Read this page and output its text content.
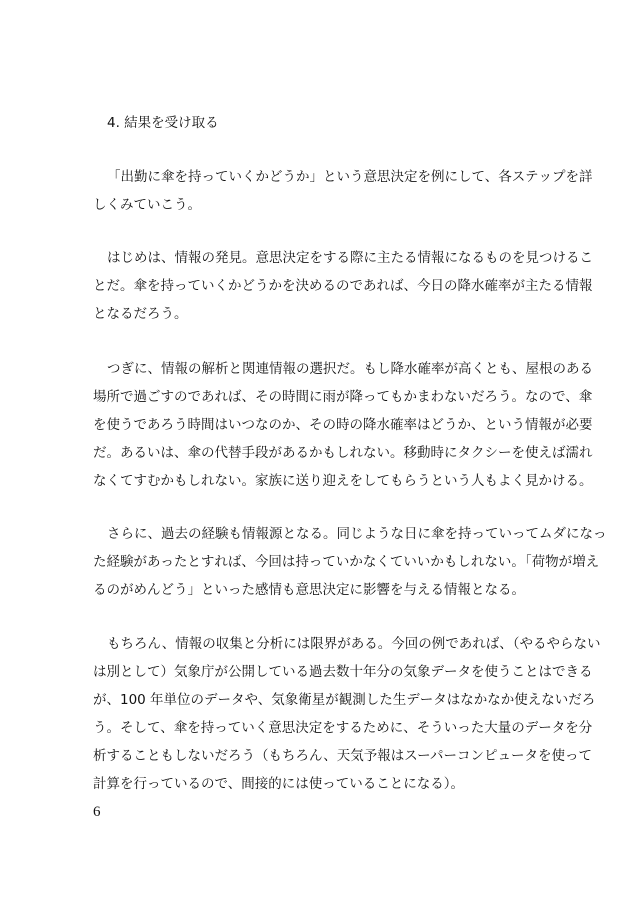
4. 結果を受け取る
「出勤に傘を持っていくかどうか」という意思決定を例にして、各ステップを詳
しくみていこう。
はじめは、情報の発見。意思決定をする際に主たる情報になるものを見つけるこ
とだ。傘を持っていくかどうかを決めるのであれば、今日の降水確率が主たる情報
となるだろう。
つぎに、情報の解析と関連情報の選択だ。もし降水確率が高くとも、屋根のある
場所で過ごすのであれば、その時間に雨が降ってもかまわないだろう。なので、傘
を使うであろう時間はいつなのか、その時の降水確率はどうか、という情報が必要
だ。あるいは、傘の代替手段があるかもしれない。移動時にタクシーを使えば濡れ
なくてすむかもしれない。家族に送り迎えをしてもらうという人もよく見かける。
さらに、過去の経験も情報源となる。同じような日に傘を持っていってムダになっ
た経験があったとすれば、今回は持っていかなくていいかもしれない。「荷物が増え
るのがめんどう」といった感情も意思決定に影響を与える情報となる。
もちろん、情報の収集と分析には限界がある。今回の例であれば、（やるやらない
は別として）気象庁が公開している過去数十年分の気象データを使うことはできる
が、100 年単位のデータや、気象衛星が観測した生データはなかなか使えないだろ
う。そして、傘を持っていく意思決定をするために、そういった大量のデータを分
析することもしないだろう（もちろん、天気予報はスーパーコンピュータを使って
計算を行っているので、間接的には使っていることになる）。
6
